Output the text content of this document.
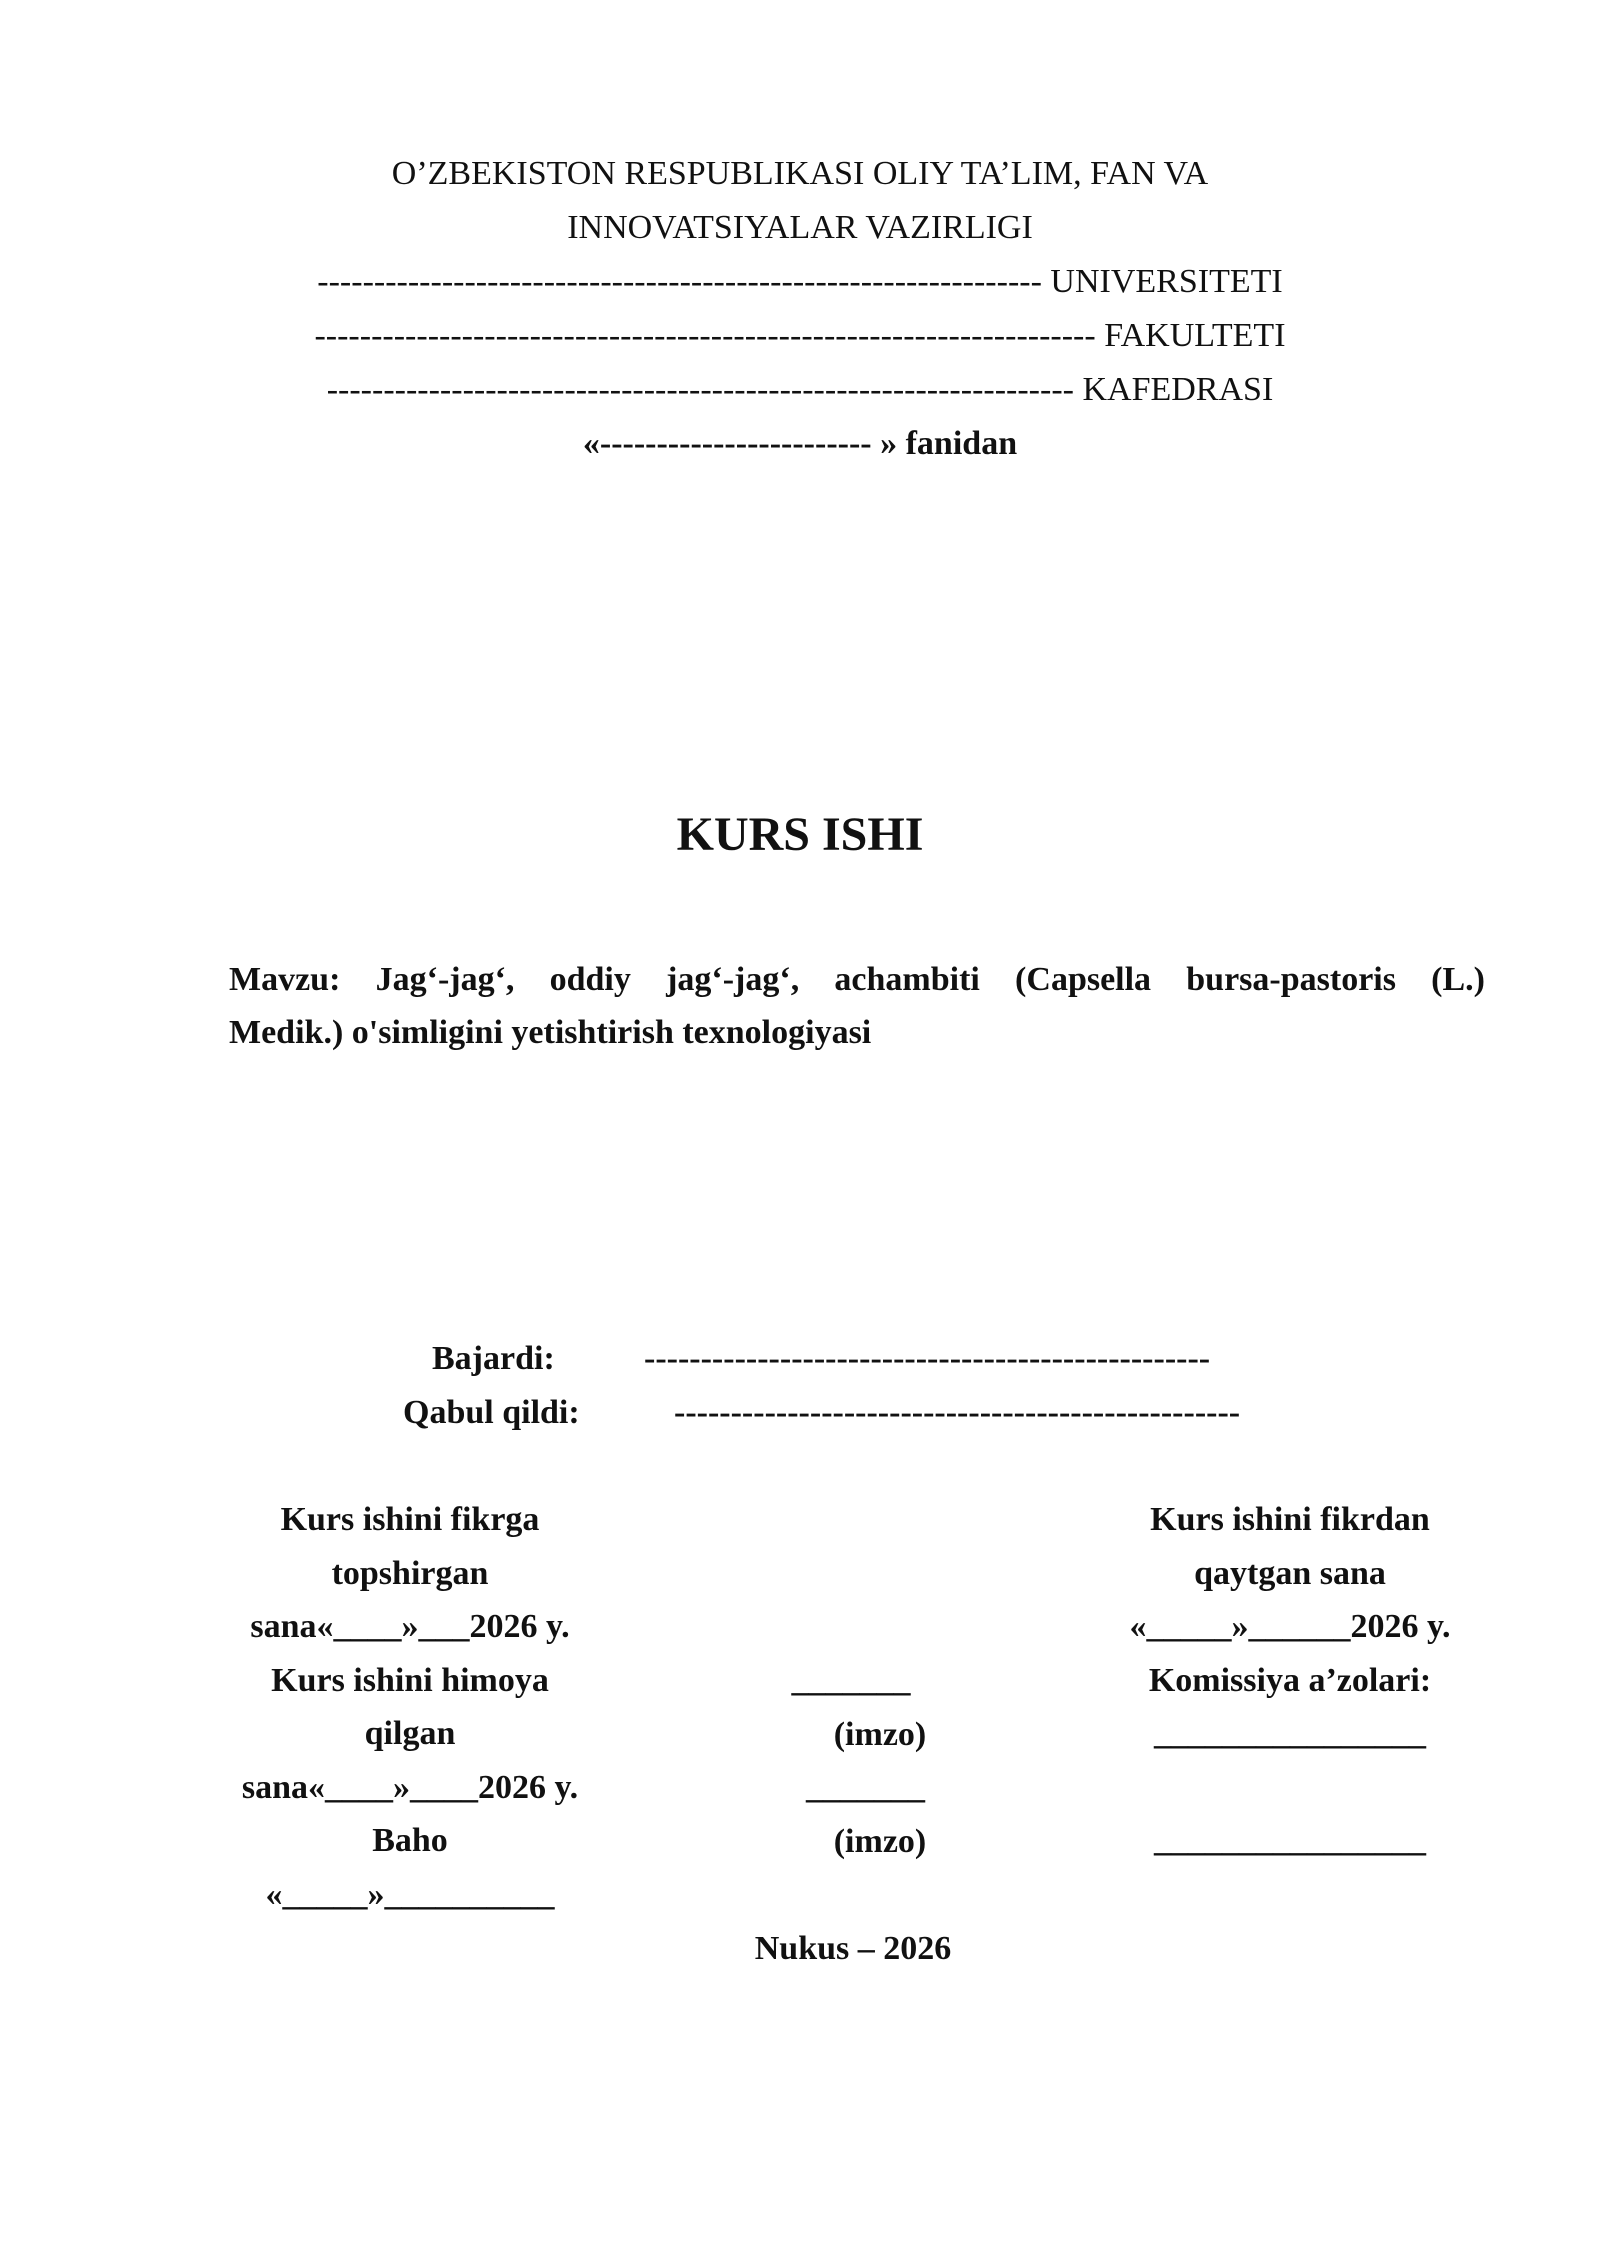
O’ZBEKISTON RESPUBLIKASI OLIY TA’LIM, FAN VA
INNOVATSIYALAR VAZIRLIGI
---------------------------------------------------------------- UNIVERSITETI
--------------------------------------------------------------------- FAKULTETI
------------------------------------------------------------------ KAFEDRASI
«------------------------ » fanidan
KURS ISHI
Mavzu: Jag‘-jag‘, oddiy jag‘-jag‘, achambiti (Capsella bursa-pastoris (L.)
Medik.) o'simligini yetishtirish texnologiyasi
Bajardi:	--------------------------------------------------
Qabul qildi:	--------------------------------------------------
Kurs ishini fikrga
topshirgan
sana«____»___2026 y.
Kurs ishini himoya
qilgan
sana«____»____2026 y.
Baho
«_____»__________
_______
(imzo)
_______
(imzo)
Kurs ishini fikrdan
qaytgan sana
«_____»______2026 y.
Komissiya a’zolari:
________________
________________
Nukus – 2026
